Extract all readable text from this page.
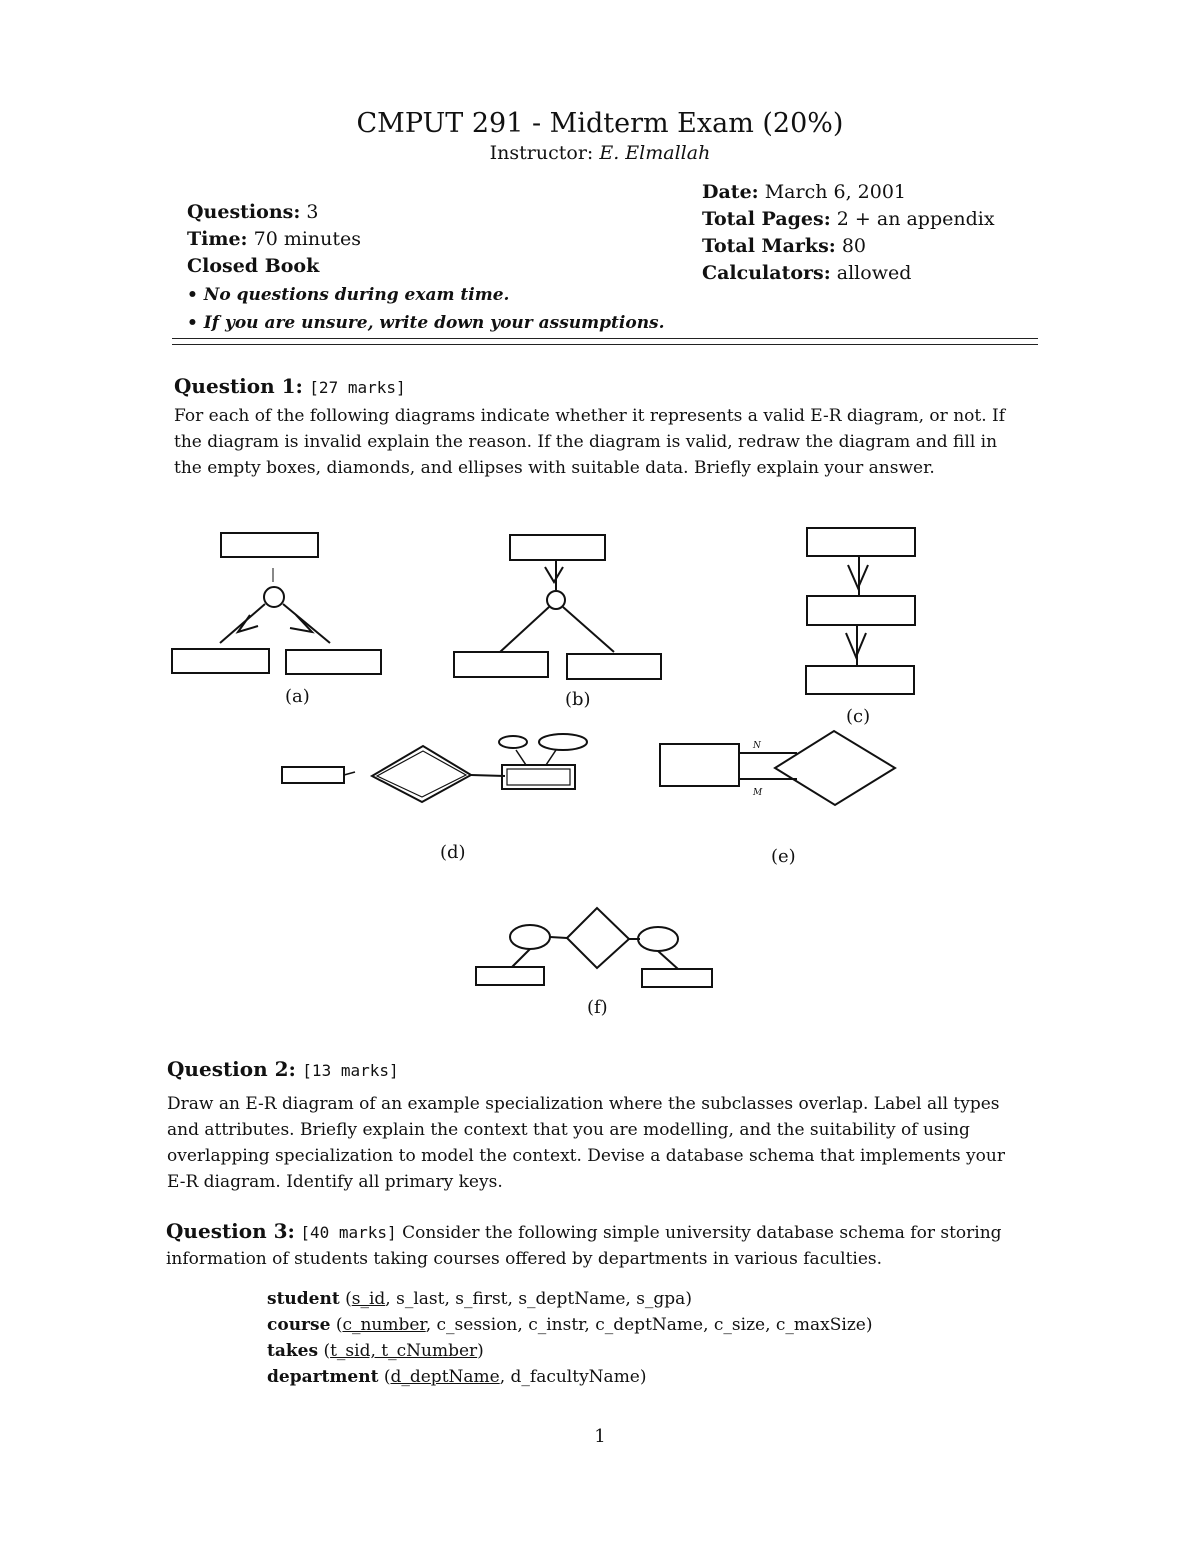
CMPUT 291 - Midterm Exam (20%)
Instructor: E. Elmallah
Questions: 3
Time: 70 minutes
Closed Book
Date: March 6, 2001
Total Pages: 2 + an appendix
Total Marks: 80
Calculators: allowed
• No questions during exam time.
• If you are unsure, write down your assumptions.
Question 1: [27 marks]
For each of the following diagrams indicate whether it represents a valid E-R diagram, or not. If the diagram is invalid explain the reason. If the diagram is valid, redraw the diagram and fill in the empty boxes, diamonds, and ellipses with suitable data. Briefly explain your answer.
N
M
(a)	(b)
(c)
(d)	(e)
(f)
Question 2: [13 marks]
Draw an E-R diagram of an example specialization where the subclasses overlap. Label all types and attributes. Briefly explain the context that you are modelling, and the suitability of using overlapping specialization to model the context. Devise a database schema that implements your E-R diagram. Identify all primary keys.
Question 3: [40 marks] Consider the following simple university database schema for storing information of students taking courses offered by departments in various faculties.
student (s_id, s_last, s_first, s_deptName, s_gpa)
course (c_number, c_session, c_instr, c_deptName, c_size, c_maxSize)
takes (t_sid, t_cNumber)
department (d_deptName, d_facultyName)
1
